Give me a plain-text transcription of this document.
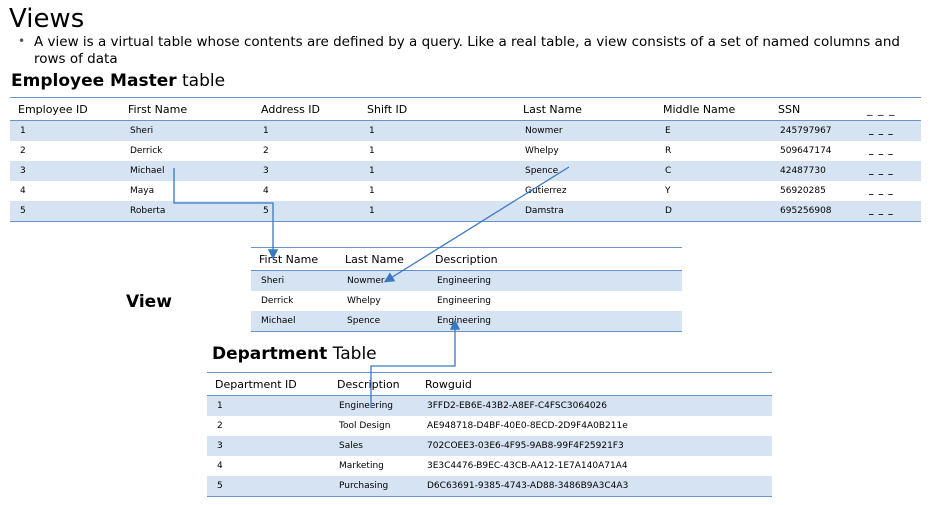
Views
• A view is a virtual table whose contents are defined by a query. Like a real table, a view consists of a set of named columns and rows of data
Employee Master table
Employee ID	First Name	Address ID	Shift ID	Last Name	Middle Name	SSN	_ _ _
1	Sheri	1	1	Nowmer	E	245797967	_ _ _
2	Derrick	2	1	Whelpy	R	509647174	_ _ _
3	Michael	3	1	Spence	C	42487730	_ _ _
4	Maya	4	1	Gutierrez	Y	56920285	_ _ _
5	Roberta	5	1	Damstra	D	695256908	_ _ _
View
First Name	Last Name	Description
Sheri	Nowmer	Engineering
Derrick	Whelpy	Engineering
Michael	Spence	Engineering
Department Table
Department ID	Description	Rowguid
1	Engineering	3FFD2-EB6E-43B2-A8EF-C4FSC3064026
2	Tool Design	AE948718-D4BF-40E0-8ECD-2D9F4A0B211e
3	Sales	702COEE3-03E6-4F95-9AB8-99F4F25921F3
4	Marketing	3E3C4476-B9EC-43CB-AA12-1E7A140A71A4
5	Purchasing	D6C63691-9385-4743-AD88-3486B9A3C4A3
